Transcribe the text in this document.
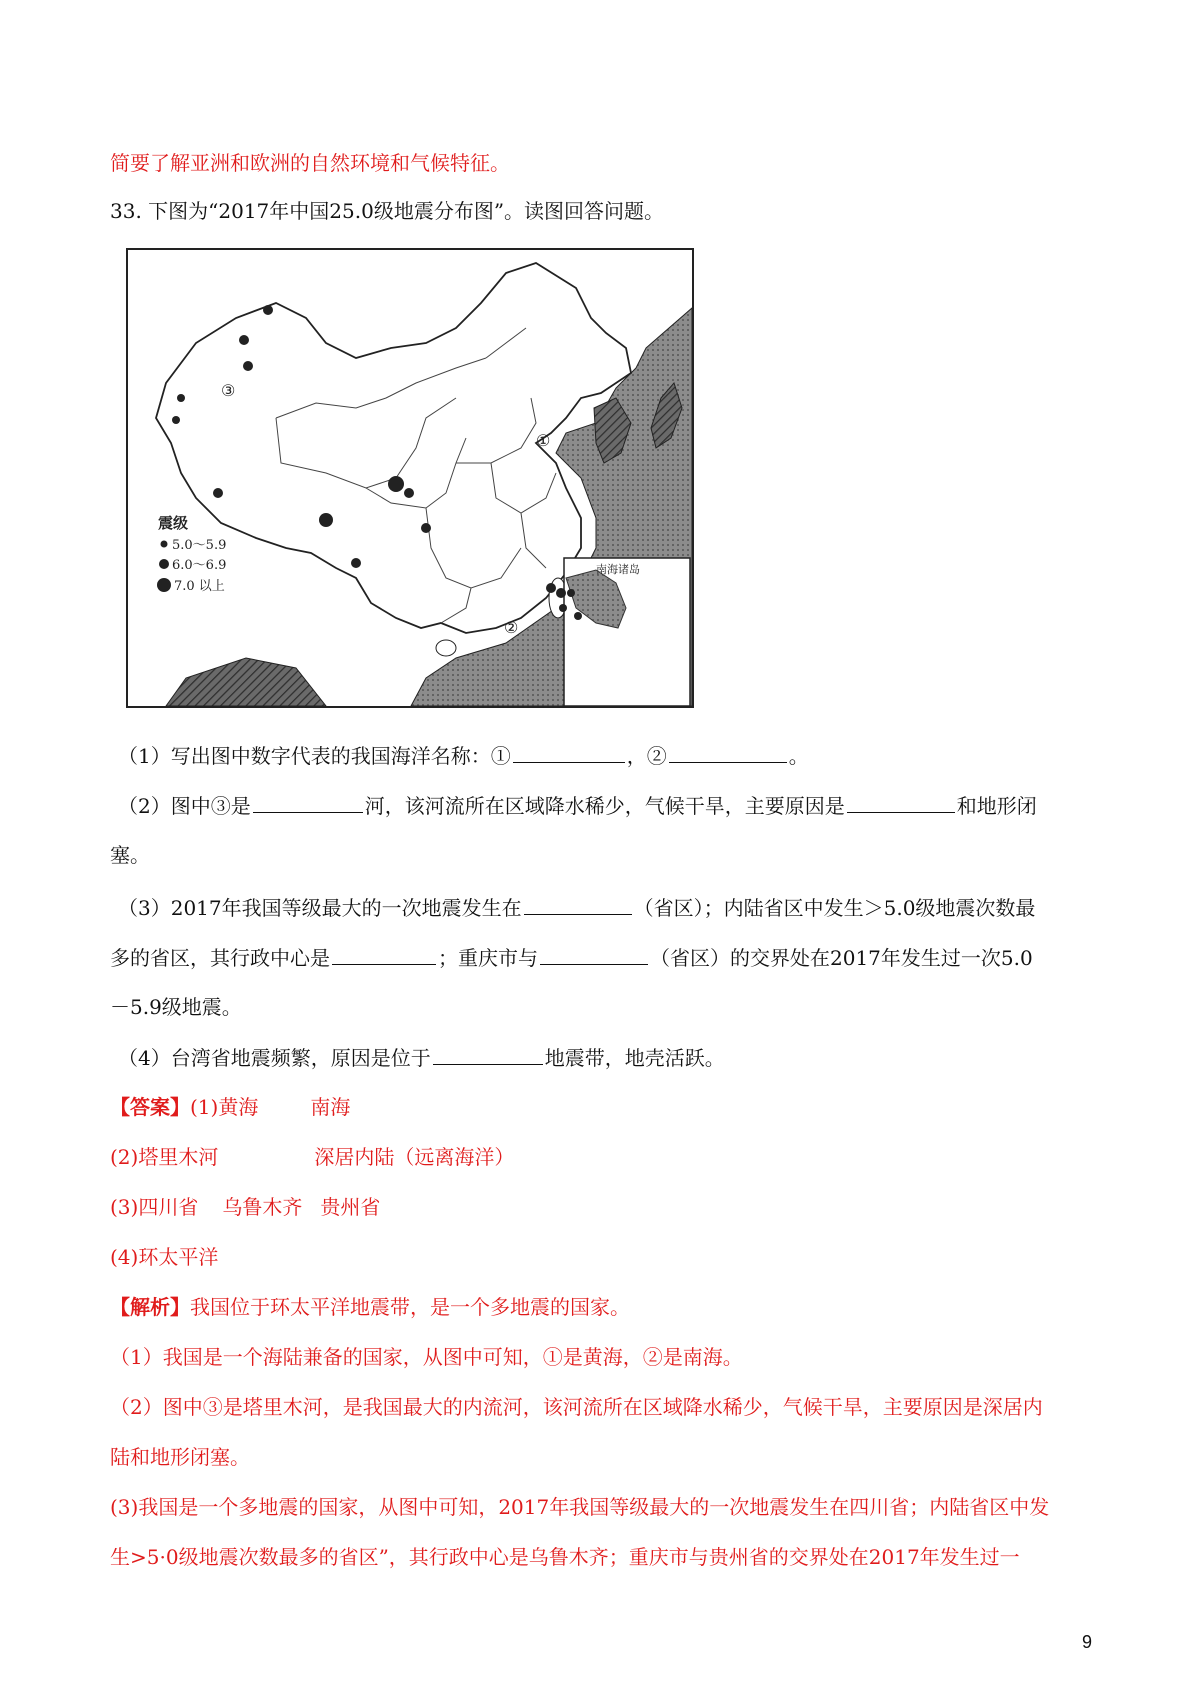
简要了解亚洲和欧洲的自然环境和气候特征。
33. 下图为“2017年中国25.0级地震分布图”。读图回答问题。
南海诸岛
③
①
②
震级
5.0～5.9
6.0～6.9
7.0 以上
（1）写出图中数字代表的我国海洋名称：①	，②	。
（2）图中③是	河，该河流所在区域降水稀少，气候干旱，主要原因是	和地形闭
塞。
（3）2017年我国等级最大的一次地震发生在	（省区）；内陆省区中发生＞5.0级地震次数最
多的省区，其行政中心是	；重庆市与	（省区）的交界处在2017年发生过一次5.0
－5.9级地震。
（4）台湾省地震频繁，原因是位于	地震带，地壳活跃。
【答案】(1)黄海	南海
(2)塔里木河	深居内陆（远离海洋）
(3)四川省 乌鲁木齐 贵州省
(4)环太平洋
【解析】我国位于环太平洋地震带，是一个多地震的国家。
（1）我国是一个海陆兼备的国家，从图中可知，①是黄海，②是南海。
（2）图中③是塔里木河，是我国最大的内流河，该河流所在区域降水稀少，气候干旱，主要原因是深居内
陆和地形闭塞。
(3)我国是一个多地震的国家，从图中可知，2017年我国等级最大的一次地震发生在四川省；内陆省区中发
生>5·0级地震次数最多的省区”，其行政中心是乌鲁木齐；重庆市与贵州省的交界处在2017年发生过一
9
